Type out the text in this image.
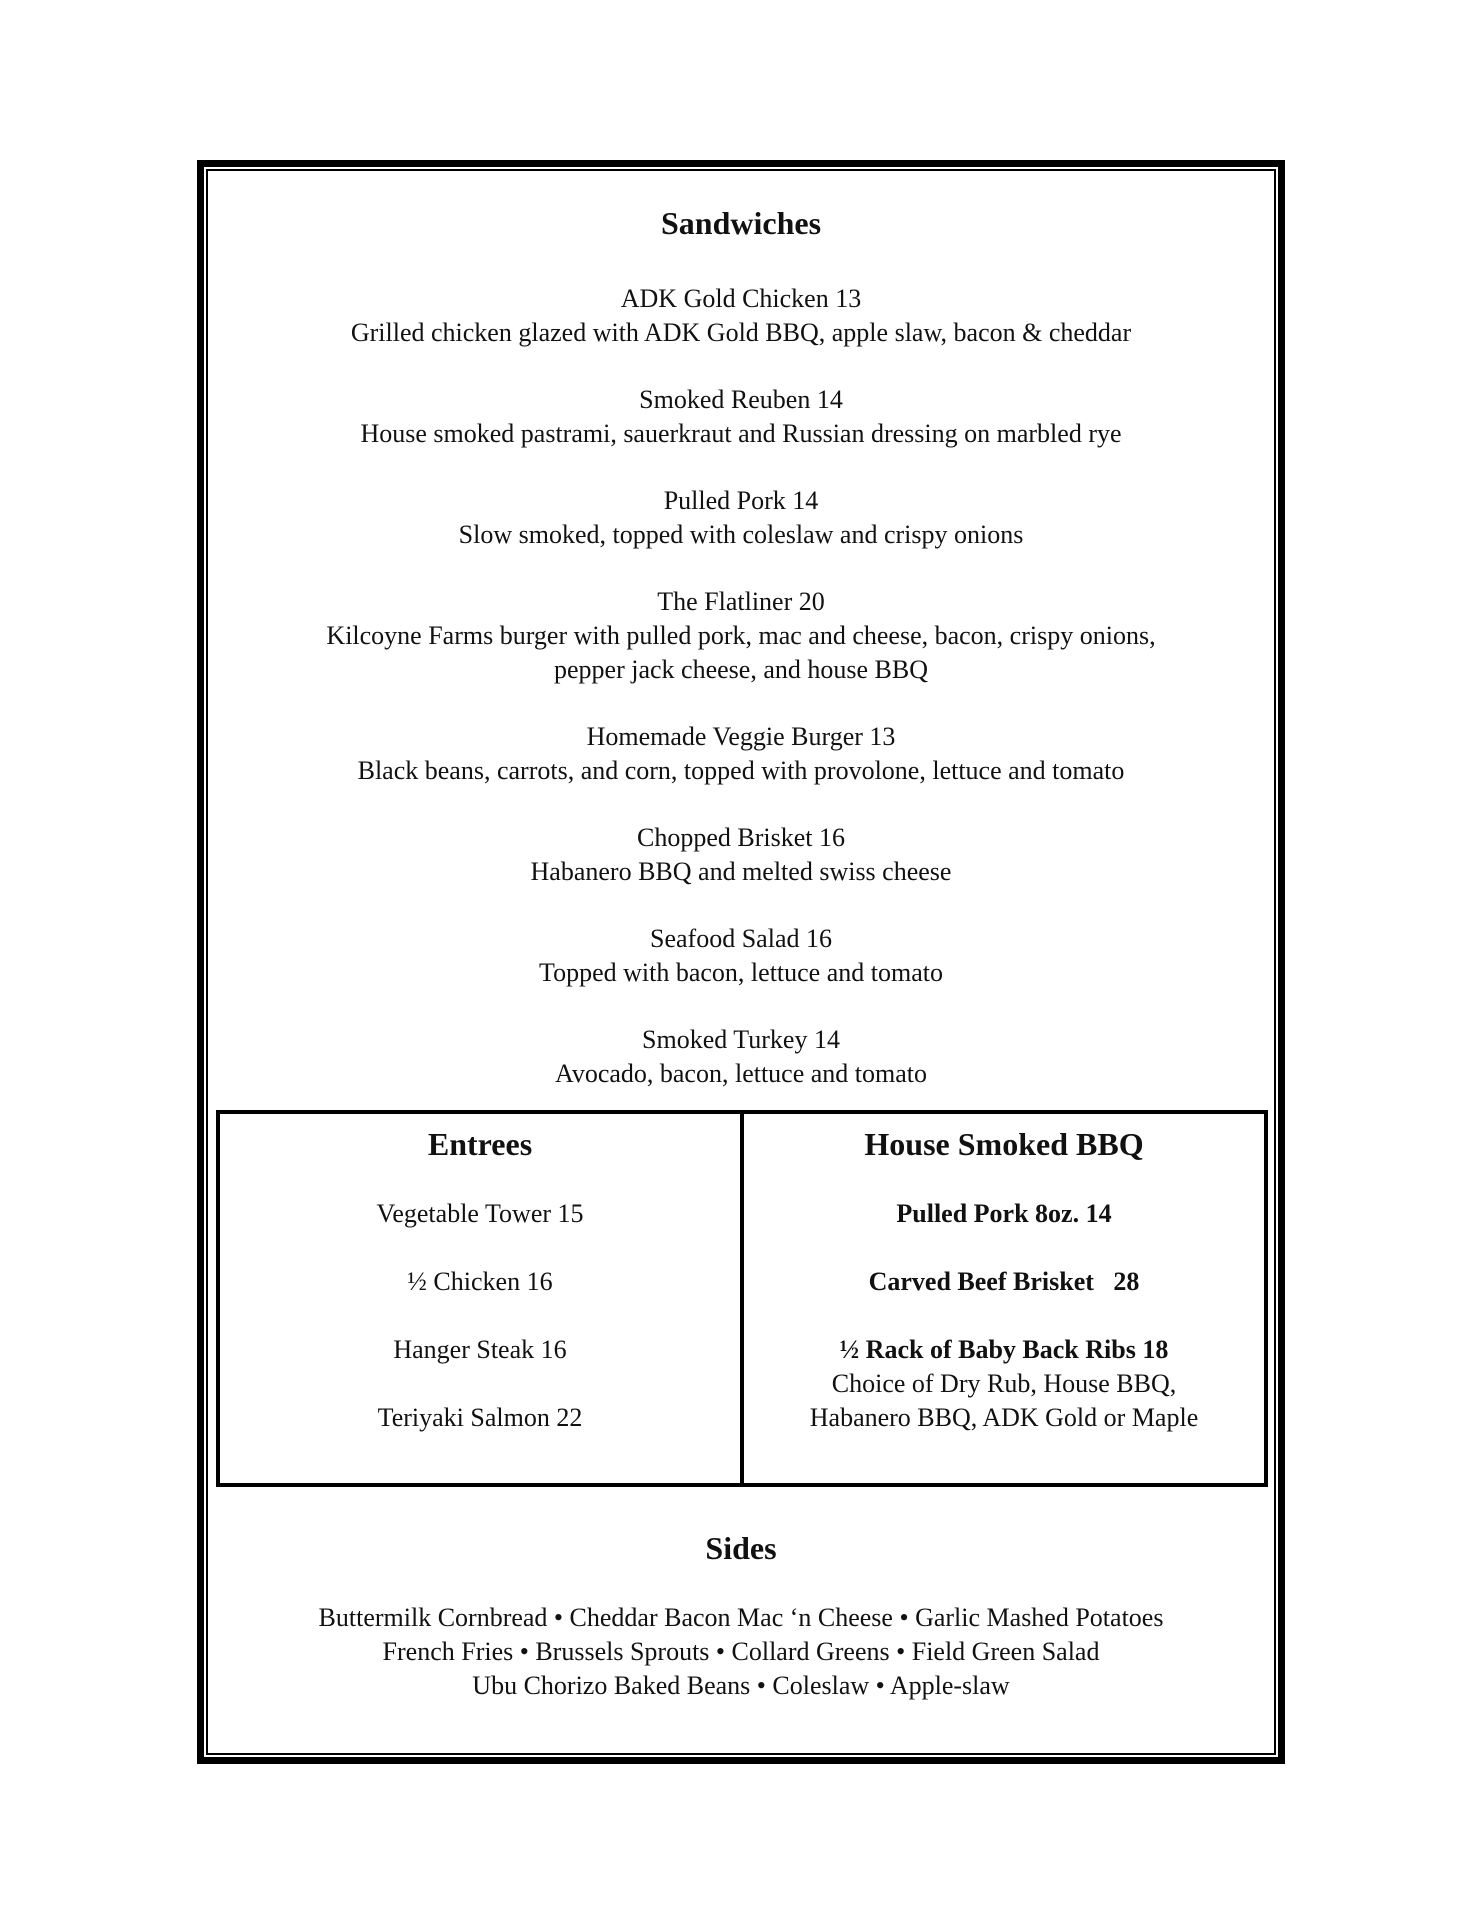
Sandwiches
ADK Gold Chicken 13
Grilled chicken glazed with ADK Gold BBQ, apple slaw, bacon & cheddar
Smoked Reuben 14
House smoked pastrami, sauerkraut and Russian dressing on marbled rye
Pulled Pork 14
Slow smoked, topped with coleslaw and crispy onions
The Flatliner 20
Kilcoyne Farms burger with pulled pork, mac and cheese, bacon, crispy onions,
pepper jack cheese, and house BBQ
Homemade Veggie Burger 13
Black beans, carrots, and corn, topped with provolone, lettuce and tomato
Chopped Brisket 16
Habanero BBQ and melted swiss cheese
Seafood Salad 16
Topped with bacon, lettuce and tomato
Smoked Turkey 14
Avocado, bacon, lettuce and tomato
Entrees
Vegetable Tower 15
½ Chicken 16
Hanger Steak 16
Teriyaki Salmon 22
House Smoked BBQ
Pulled Pork 8oz. 14
Carved Beef Brisket   28
½ Rack of Baby Back Ribs 18
Choice of Dry Rub, House BBQ,
Habanero BBQ, ADK Gold or Maple
Sides
Buttermilk Cornbread • Cheddar Bacon Mac ‘n Cheese • Garlic Mashed Potatoes
French Fries • Brussels Sprouts • Collard Greens • Field Green Salad
Ubu Chorizo Baked Beans • Coleslaw • Apple-slaw
